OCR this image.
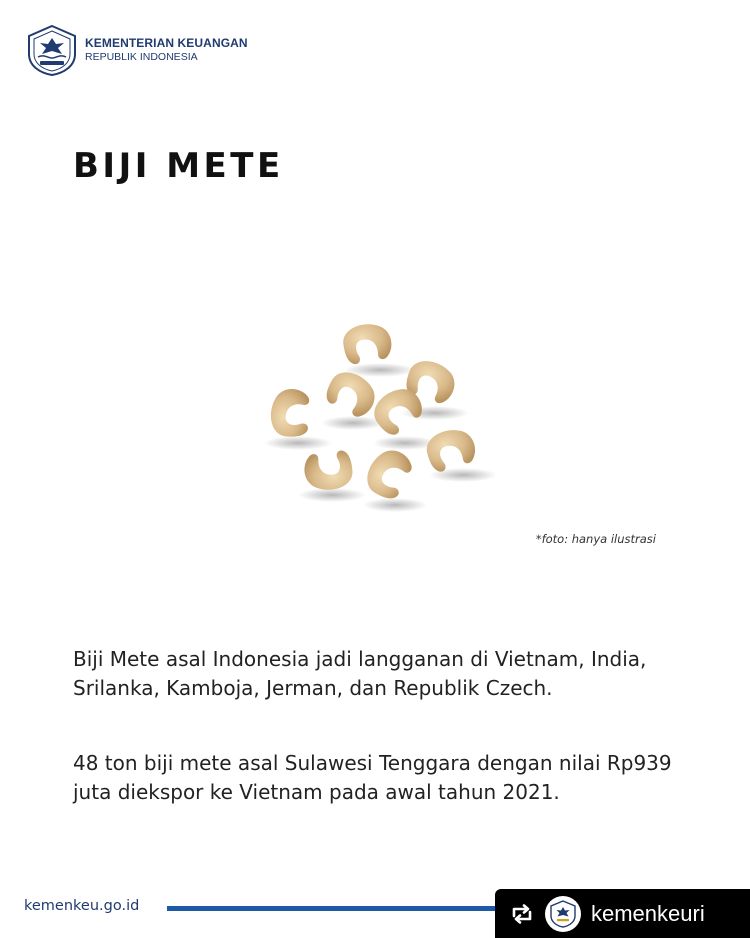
KEMENTERIAN KEUANGAN
REPUBLIK INDONESIA
BIJI METE
*foto: hanya ilustrasi

Biji Mete asal Indonesia jadi langganan di Vietnam, India, Srilanka, Kamboja, Jerman, dan Republik Czech.

48 ton biji mete asal Sulawesi Tenggara dengan nilai Rp939 juta diekspor ke Vietnam pada awal tahun 2021.

kemenkeu.go.id	kemenkeuri
